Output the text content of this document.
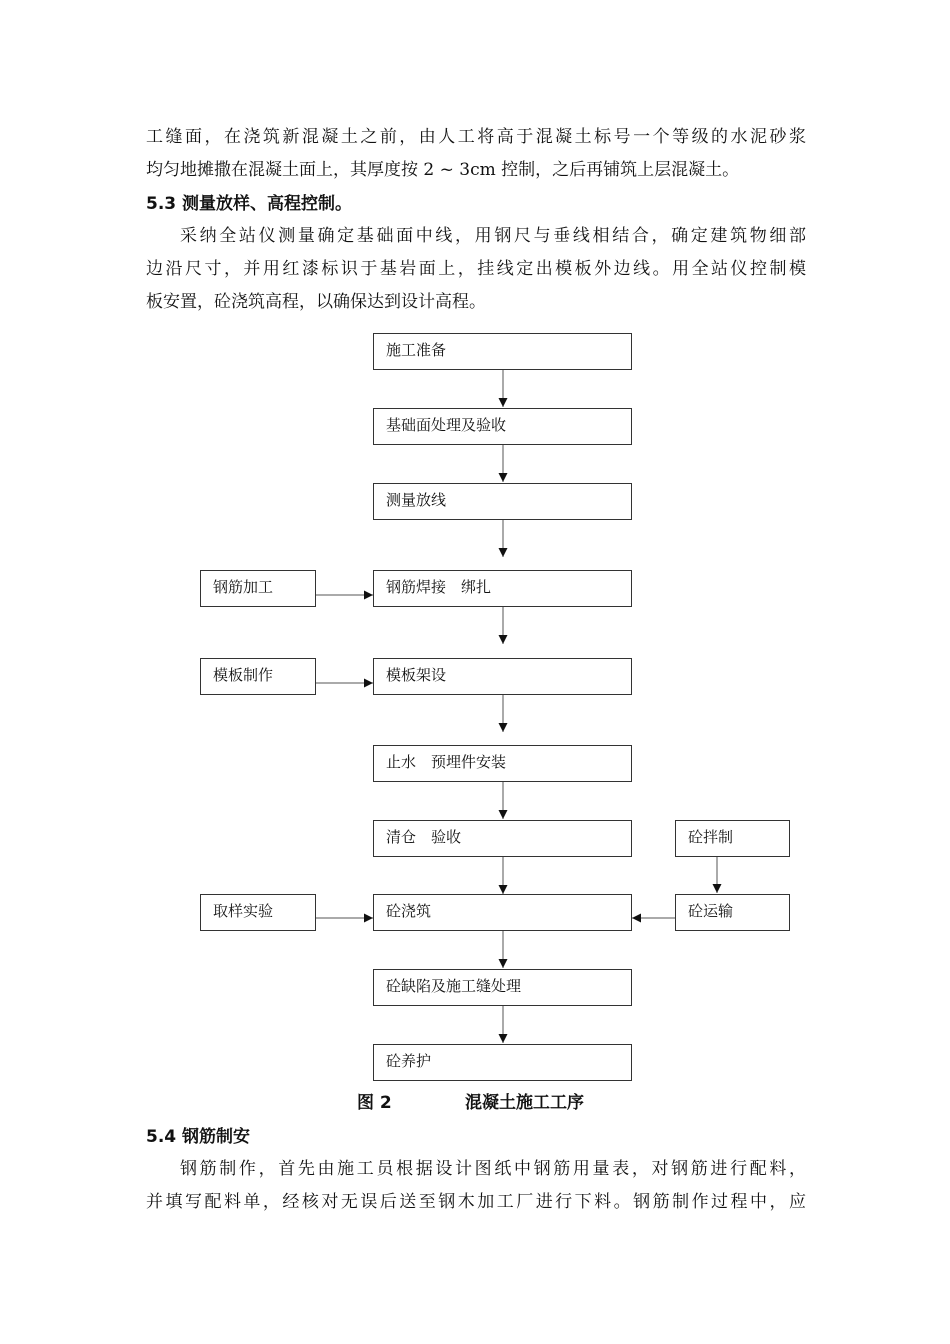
工缝面，在浇筑新混凝土之前，由人工将高于混凝土标号一个等级的水泥砂浆
均匀地摊撒在混凝土面上，其厚度按 2 ~ 3cm 控制，之后再铺筑上层混凝土。
5.3 测量放样、高程控制。
采纳全站仪测量确定基础面中线，用钢尺与垂线相结合，确定建筑物细部
边沿尺寸，并用红漆标识于基岩面上，挂线定出模板外边线。用全站仪控制模
板安置，砼浇筑高程，以确保达到设计高程。
施工准备
基础面处理及验收
测量放线
钢筋焊接　绑扎
模板架设
止水　预埋件安装
清仓　验收
砼浇筑
砼缺陷及施工缝处理
砼养护
钢筋加工
模板制作
取样实验
砼拌制
砼运输
图 2	混凝土施工工序
5.4 钢筋制安
钢筋制作，首先由施工员根据设计图纸中钢筋用量表，对钢筋进行配料，
并填写配料单，经核对无误后送至钢木加工厂进行下料。钢筋制作过程中，应
